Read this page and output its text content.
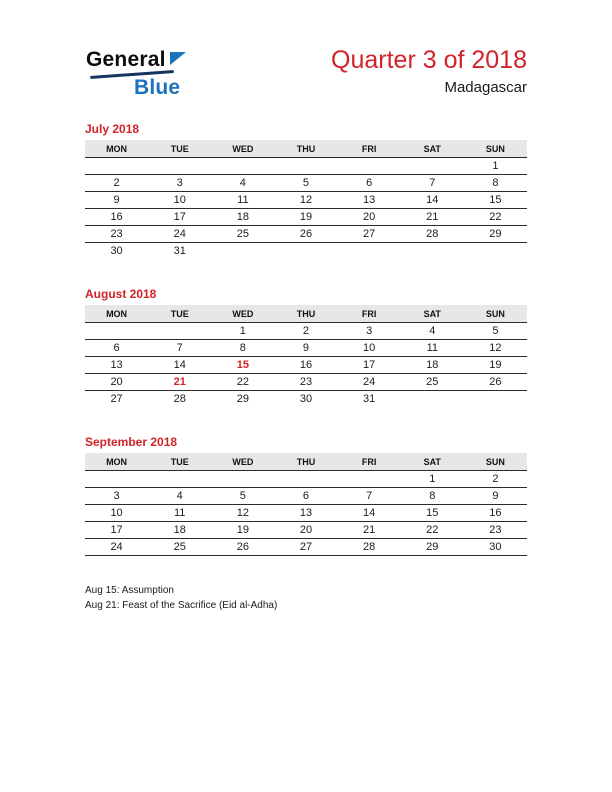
General
Blue
Quarter 3 of 2018
Madagascar
July 2018
MON	TUE	WED	THU	FRI	SAT	SUN
						1
2	3	4	5	6	7	8
9	10	11	12	13	14	15
16	17	18	19	20	21	22
23	24	25	26	27	28	29
30	31					
August 2018
MON	TUE	WED	THU	FRI	SAT	SUN
		1	2	3	4	5
6	7	8	9	10	11	12
13	14	15	16	17	18	19
20	21	22	23	24	25	26
27	28	29	30	31		
September 2018
MON	TUE	WED	THU	FRI	SAT	SUN
					1	2
3	4	5	6	7	8	9
10	11	12	13	14	15	16
17	18	19	20	21	22	23
24	25	26	27	28	29	30
Aug 15: Assumption
Aug 21: Feast of the Sacrifice (Eid al-Adha)
